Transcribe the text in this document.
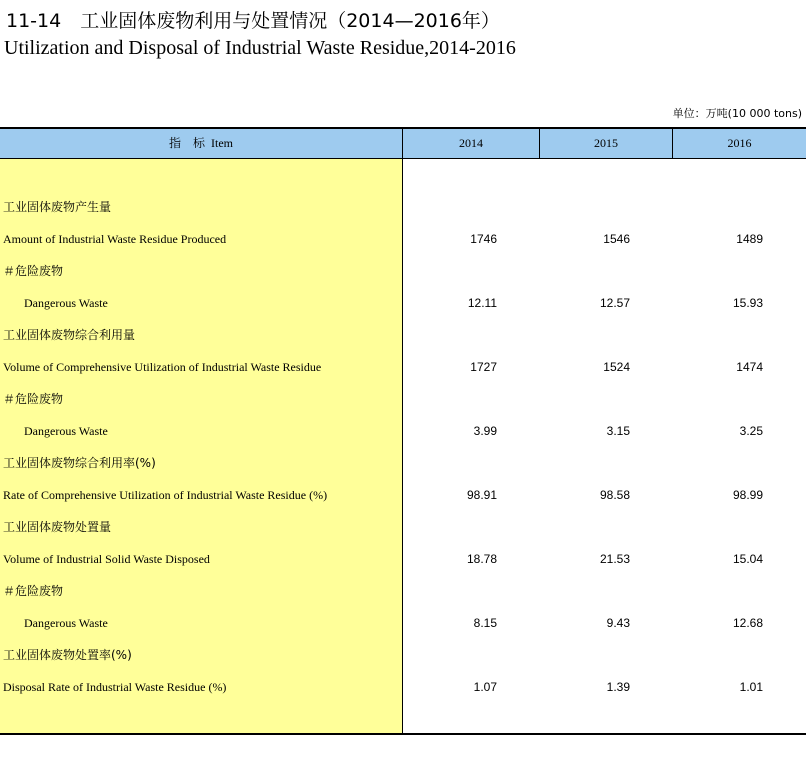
11-14　工业固体废物利用与处置情况（2014—2016年）
Utilization and Disposal of Industrial Waste Residue,2014-2016
单位：万吨(10 000 tons)
指　标 Item	2014	2015	2016
工业固体废物产生量
Amount of Industrial Waste Residue Produced	1746	1546	1489
＃危险废物
Dangerous Waste	12.11	12.57	15.93
工业固体废物综合利用量
Volume of Comprehensive Utilization of Industrial Waste Residue	1727	1524	1474
＃危险废物
Dangerous Waste	3.99	3.15	3.25
工业固体废物综合利用率(%)
Rate of Comprehensive Utilization of Industrial Waste Residue (%)	98.91	98.58	98.99
工业固体废物处置量
Volume of Industrial Solid Waste Disposed	18.78	21.53	15.04
＃危险废物
Dangerous Waste	8.15	9.43	12.68
工业固体废物处置率(%)
Disposal Rate of Industrial Waste Residue (%)	1.07	1.39	1.01
